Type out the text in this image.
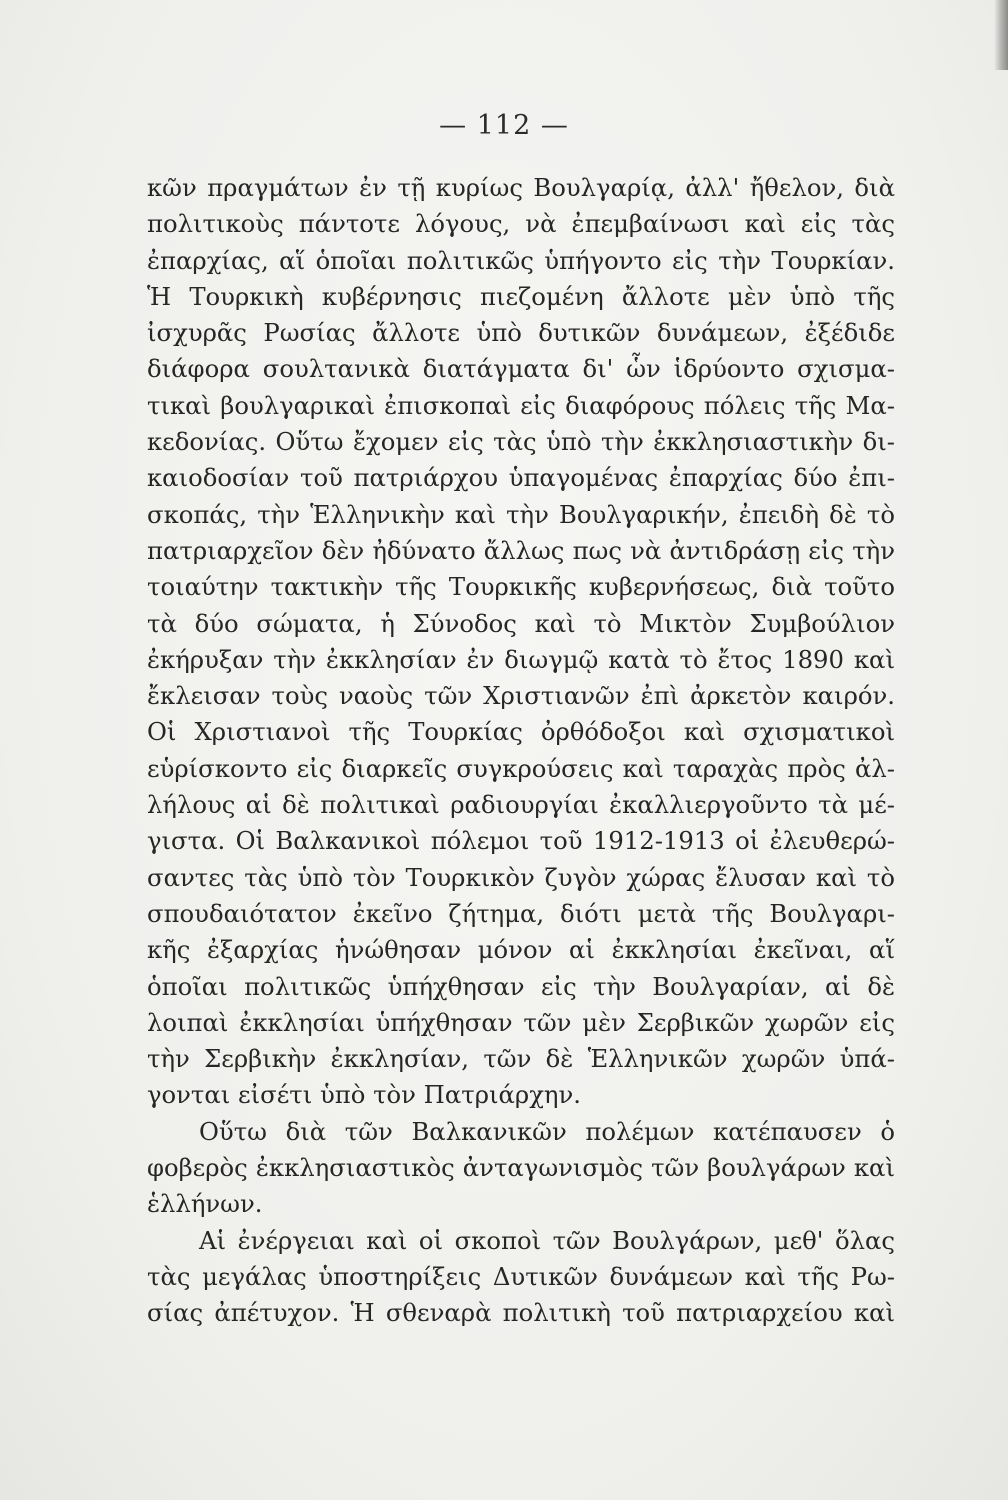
— 112 —
κῶν πραγμάτων ἐν τῇ κυρίως Βουλγαρίᾳ, ἀλλ' ἤθελον, διὰ
πολιτικοὺς πάντοτε λόγους, νὰ ἐπεμβαίνωσι καὶ εἰς τὰς
ἐπαρχίας, αἵ ὁποῖαι πολιτικῶς ὑπήγοντο εἰς τὴν Τουρκίαν.
Ἡ Τουρκικὴ κυβέρνησις πιεζομένη ἄλλοτε μὲν ὑπὸ τῆς
ἰσχυρᾶς Ρωσίας ἄλλοτε ὑπὸ δυτικῶν δυνάμεων, ἐξέδιδε
διάφορα σουλτανικὰ διατάγματα δι' ὧν ἱδρύοντο σχισμα-
τικαὶ βουλγαρικαὶ ἐπισκοπαὶ εἰς διαφόρους πόλεις τῆς Μα-
κεδονίας. Οὕτω ἔχομεν εἰς τὰς ὑπὸ τὴν ἐκκλησιαστικὴν δι-
καιοδοσίαν τοῦ πατριάρχου ὑπαγομένας ἐπαρχίας δύο ἐπι-
σκοπάς, τὴν Ἑλληνικὴν καὶ τὴν Βουλγαρικήν, ἐπειδὴ δὲ τὸ
πατριαρχεῖον δὲν ἠδύνατο ἄλλως πως νὰ ἀντιδράσῃ εἰς τὴν
τοιαύτην τακτικὴν τῆς Τουρκικῆς κυβερνήσεως, διὰ τοῦτο
τὰ δύο σώματα, ἡ Σύνοδος καὶ τὸ Μικτὸν Συμβούλιον
ἐκήρυξαν τὴν ἐκκλησίαν ἐν διωγμῷ κατὰ τὸ ἔτος 1890 καὶ
ἔκλεισαν τοὺς ναοὺς τῶν Χριστιανῶν ἐπὶ ἀρκετὸν καιρόν.
Οἱ Χριστιανοὶ τῆς Τουρκίας ὀρθόδοξοι καὶ σχισματικοὶ
εὑρίσκοντο εἰς διαρκεῖς συγκρούσεις καὶ ταραχὰς πρὸς ἀλ-
λήλους αἱ δὲ πολιτικαὶ ραδιουργίαι ἐκαλλιεργοῦντο τὰ μέ-
γιστα. Οἱ Βαλκανικοὶ πόλεμοι τοῦ 1912-1913 οἱ ἐλευθερώ-
σαντες τὰς ὑπὸ τὸν Τουρκικὸν ζυγὸν χώρας ἔλυσαν καὶ τὸ
σπουδαιότατον ἐκεῖνο ζήτημα, διότι μετὰ τῆς Βουλγαρι-
κῆς ἐξαρχίας ἡνώθησαν μόνον αἱ ἐκκλησίαι ἐκεῖναι, αἵ
ὁποῖαι πολιτικῶς ὑπήχθησαν εἰς τὴν Βουλγαρίαν, αἱ δὲ
λοιπαὶ ἐκκλησίαι ὑπήχθησαν τῶν μὲν Σερβικῶν χωρῶν εἰς
τὴν Σερβικὴν ἐκκλησίαν, τῶν δὲ Ἑλληνικῶν χωρῶν ὑπά-
γονται εἰσέτι ὑπὸ τὸν Πατριάρχην.
Οὕτω διὰ τῶν Βαλκανικῶν πολέμων κατέπαυσεν ὁ
φοβερὸς ἐκκλησιαστικὸς ἀνταγωνισμὸς τῶν βουλγάρων καὶ
ἑλλήνων.
Αἱ ἐνέργειαι καὶ οἱ σκοποὶ τῶν Βουλγάρων, μεθ' ὅλας
τὰς μεγάλας ὑποστηρίξεις Δυτικῶν δυνάμεων καὶ τῆς Ρω-
σίας ἀπέτυχον. Ἡ σθεναρὰ πολιτικὴ τοῦ πατριαρχείου καὶ
